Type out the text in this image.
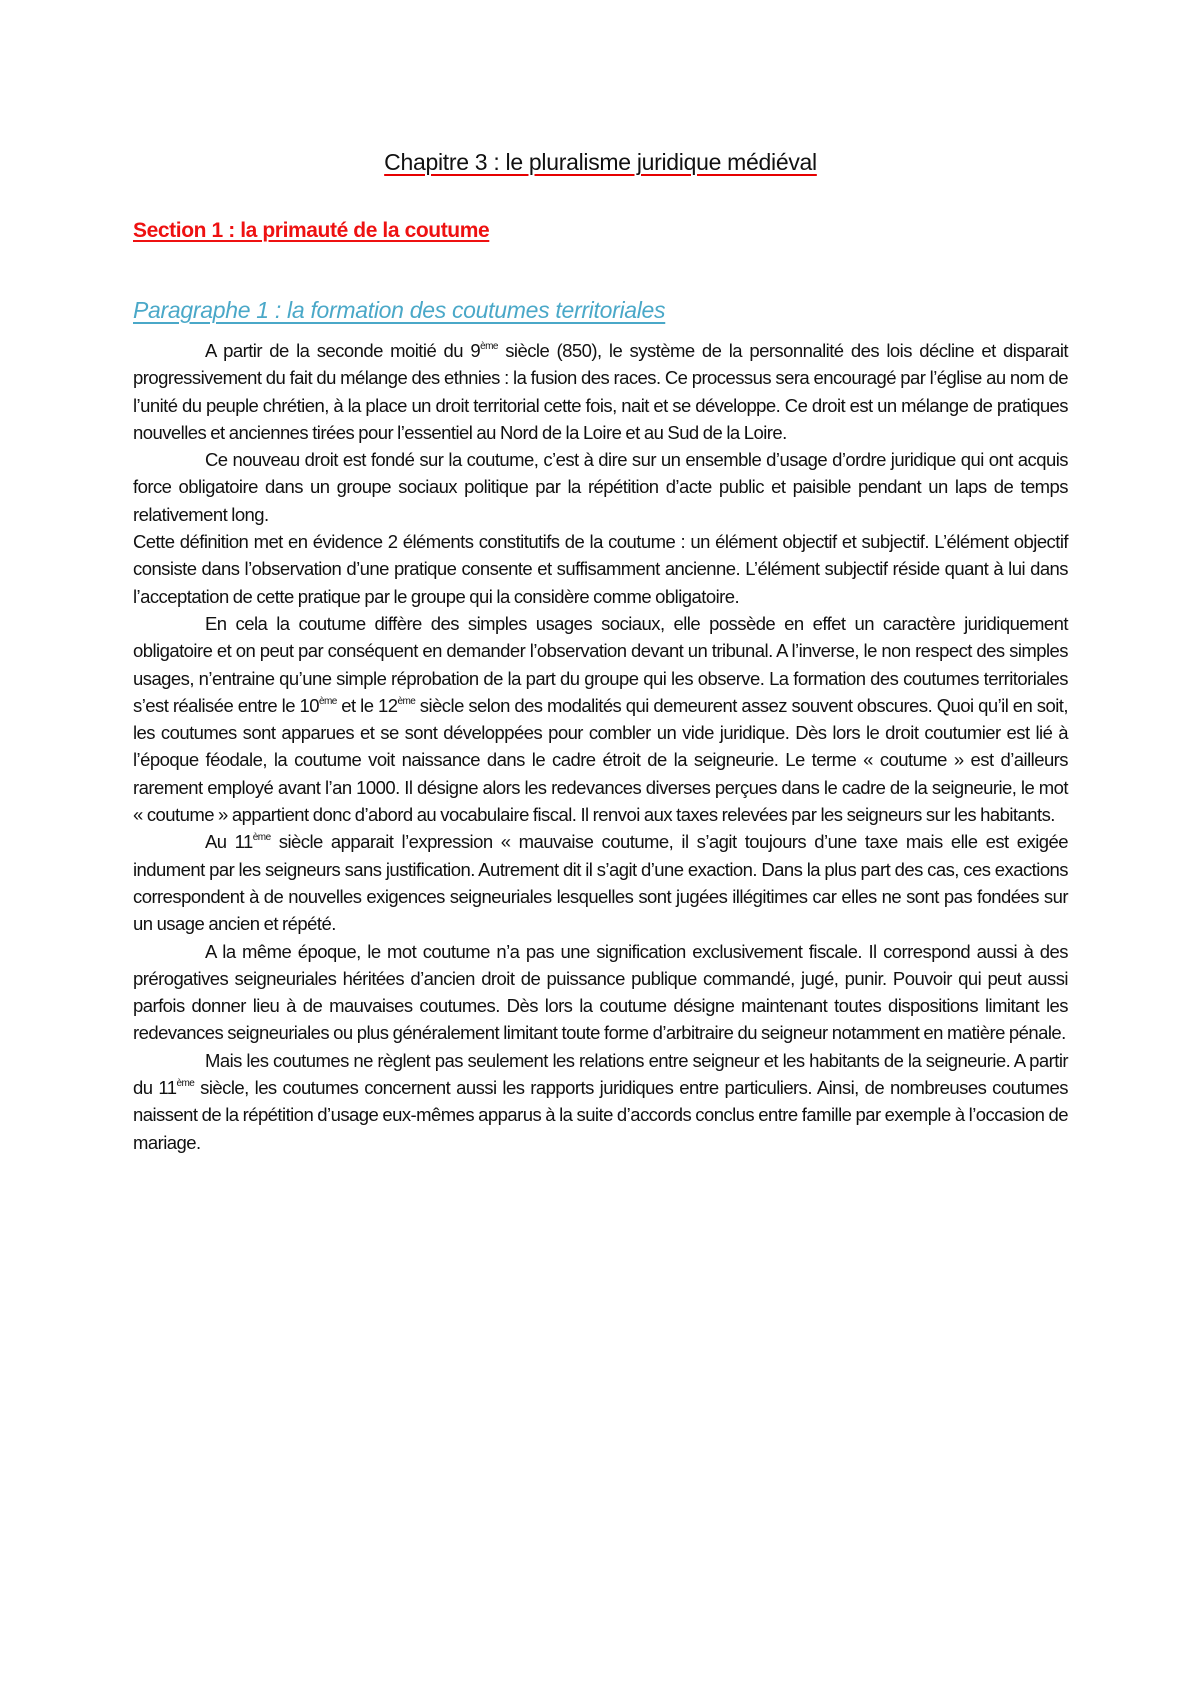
Chapitre 3 : le pluralisme juridique médiéval
Section 1 : la primauté de la coutume
Paragraphe 1 : la formation des coutumes territoriales

A partir de la seconde moitié du 9ème siècle (850), le système de la personnalité des lois décline et disparait progressivement du fait du mélange des ethnies : la fusion des races. Ce processus sera encouragé par l’église au nom de l’unité du peuple chrétien, à la place un droit territorial cette fois, nait et se développe. Ce droit est un mélange de pratiques nouvelles et anciennes tirées pour l’essentiel au Nord de la Loire et au Sud de la Loire.

Ce nouveau droit est fondé sur la coutume, c’est à dire sur un ensemble d’usage d’ordre juridique qui ont acquis force obligatoire dans un groupe sociaux politique par la répétition d’acte public et paisible pendant un laps de temps relativement long.

Cette définition met en évidence 2 éléments constitutifs de la coutume : un élément objectif et subjectif. L’élément objectif consiste dans l’observation d’une pratique consente et suffisamment ancienne. L’élément subjectif réside quant à lui dans l’acceptation de cette pratique par le groupe qui la considère comme obligatoire.

En cela la coutume diffère des simples usages sociaux, elle possède en effet un caractère juridiquement obligatoire et on peut par conséquent en demander l’observation devant un tribunal. A l’inverse, le non respect des simples usages, n’entraine qu’une simple réprobation de la part du groupe qui les observe. La formation des coutumes territoriales s’est réalisée entre le 10ème et le 12ème siècle selon des modalités qui demeurent assez souvent obscures. Quoi qu’il en soit, les coutumes sont apparues et se sont développées pour combler un vide juridique. Dès lors le droit coutumier est lié à l’époque féodale, la coutume voit naissance dans le cadre étroit de la seigneurie. Le terme « coutume » est d’ailleurs rarement employé avant l’an 1000. Il désigne alors les redevances diverses perçues dans le cadre de la seigneurie, le mot « coutume » appartient donc d’abord au vocabulaire fiscal. Il renvoi aux taxes relevées par les seigneurs sur les habitants.

Au 11ème siècle apparait l’expression « mauvaise coutume, il s’agit toujours d’une taxe mais elle est exigée indument par les seigneurs sans justification. Autrement dit il s’agit d’une exaction. Dans la plus part des cas, ces exactions correspondent à de nouvelles exigences seigneuriales lesquelles sont jugées illégitimes car elles ne sont pas fondées sur un usage ancien et répété.

A la même époque, le mot coutume n’a pas une signification exclusivement fiscale. Il correspond aussi à des prérogatives seigneuriales héritées d’ancien droit de puissance publique commandé, jugé, punir. Pouvoir qui peut aussi parfois donner lieu à de mauvaises coutumes. Dès lors la coutume désigne maintenant toutes dispositions limitant les redevances seigneuriales ou plus généralement limitant toute forme d’arbitraire du seigneur notamment en matière pénale.

Mais les coutumes ne règlent pas seulement les relations entre seigneur et les habitants de la seigneurie. A partir du 11ème siècle, les coutumes concernent aussi les rapports juridiques entre particuliers. Ainsi, de nombreuses coutumes naissent de la répétition d’usage eux-mêmes apparus à la suite d’accords conclus entre famille par exemple à l’occasion de mariage.
